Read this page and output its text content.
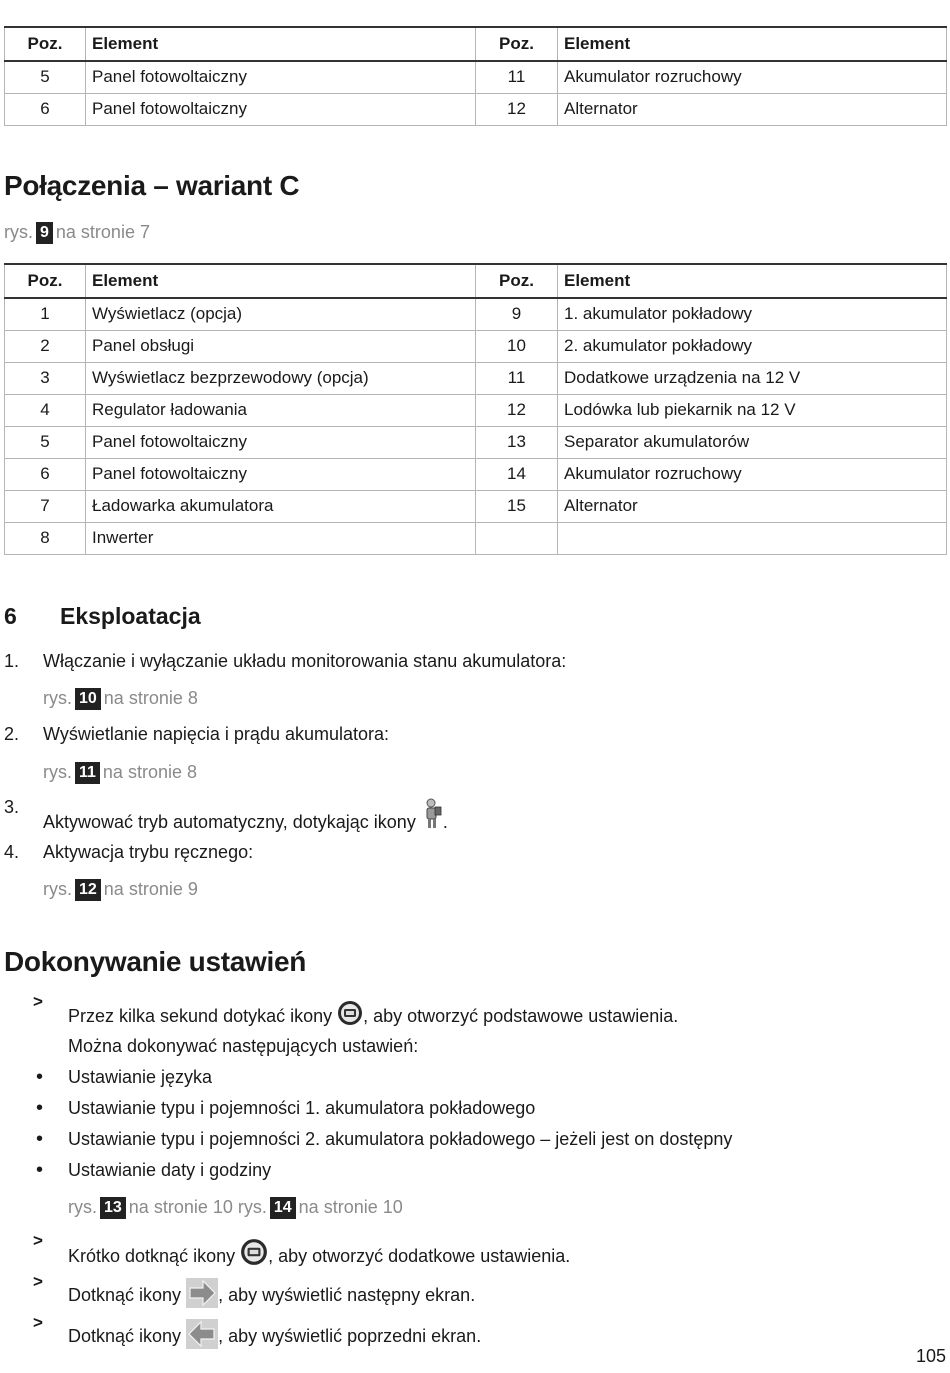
Poz.	Element	Poz.	Element
5	Panel fotowoltaiczny	11	Akumulator rozruchowy
6	Panel fotowoltaiczny	12	Alternator
Połączenia – wariant C
rys. 9 na stronie 7
Poz.	Element	Poz.	Element
1	Wyświetlacz (opcja)	9	1. akumulator pokładowy
2	Panel obsługi	10	2. akumulator pokładowy
3	Wyświetlacz bezprzewodowy (opcja)	11	Dodatkowe urządzenia na 12 V
4	Regulator ładowania	12	Lodówka lub piekarnik na 12 V
5	Panel fotowoltaiczny	13	Separator akumulatorów
6	Panel fotowoltaiczny	14	Akumulator rozruchowy
7	Ładowarka akumulatora	15	Alternator
8	Inwerter		
6 Eksploatacja
1. Włączanie i wyłączanie układu monitorowania stanu akumulatora:
rys. 10 na stronie 8
2. Wyświetlanie napięcia i prądu akumulatora:
rys. 11 na stronie 8
3.
Aktywować tryb automatyczny, dotykając ikony .
4. Aktywacja trybu ręcznego:
rys. 12 na stronie 9
Dokonywanie ustawień
>
Przez kilka sekund dotykać ikony , aby otworzyć podstawowe ustawienia.
Można dokonywać następujących ustawień:
• Ustawianie języka
• Ustawianie typu i pojemności 1. akumulatora pokładowego
• Ustawianie typu i pojemności 2. akumulatora pokładowego – jeżeli jest on dostępny
• Ustawianie daty i godziny
rys. 13 na stronie 10 rys. 14 na stronie 10
>
Krótko dotknąć ikony , aby otworzyć dodatkowe ustawienia.
>
Dotknąć ikony , aby wyświetlić następny ekran.
>
Dotknąć ikony , aby wyświetlić poprzedni ekran.
105
